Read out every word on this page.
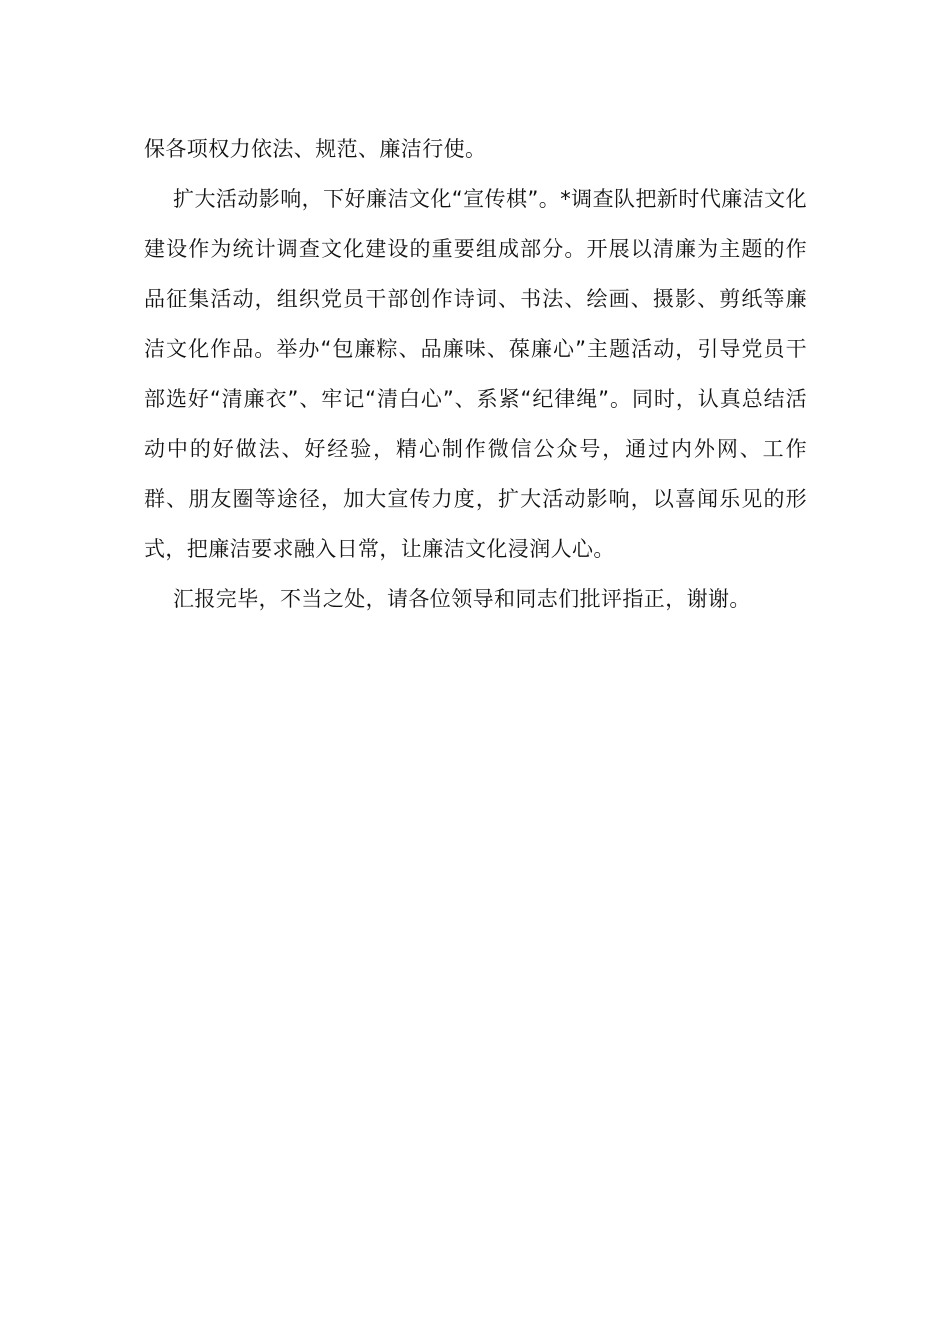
保各项权力依法、规范、廉洁行使。

扩大活动影响，下好廉洁文化“宣传棋”。*调查队把新时代廉洁文化建设作为统计调查文化建设的重要组成部分。开展以清廉为主题的作品征集活动，组织党员干部创作诗词、书法、绘画、摄影、剪纸等廉洁文化作品。举办“包廉粽、品廉味、葆廉心”主题活动，引导党员干部选好“清廉衣”、牢记“清白心”、系紧“纪律绳”。同时，认真总结活动中的好做法、好经验，精心制作微信公众号，通过内外网、工作群、朋友圈等途径，加大宣传力度，扩大活动影响，以喜闻乐见的形式，把廉洁要求融入日常，让廉洁文化浸润人心。

汇报完毕，不当之处，请各位领导和同志们批评指正，谢谢。
